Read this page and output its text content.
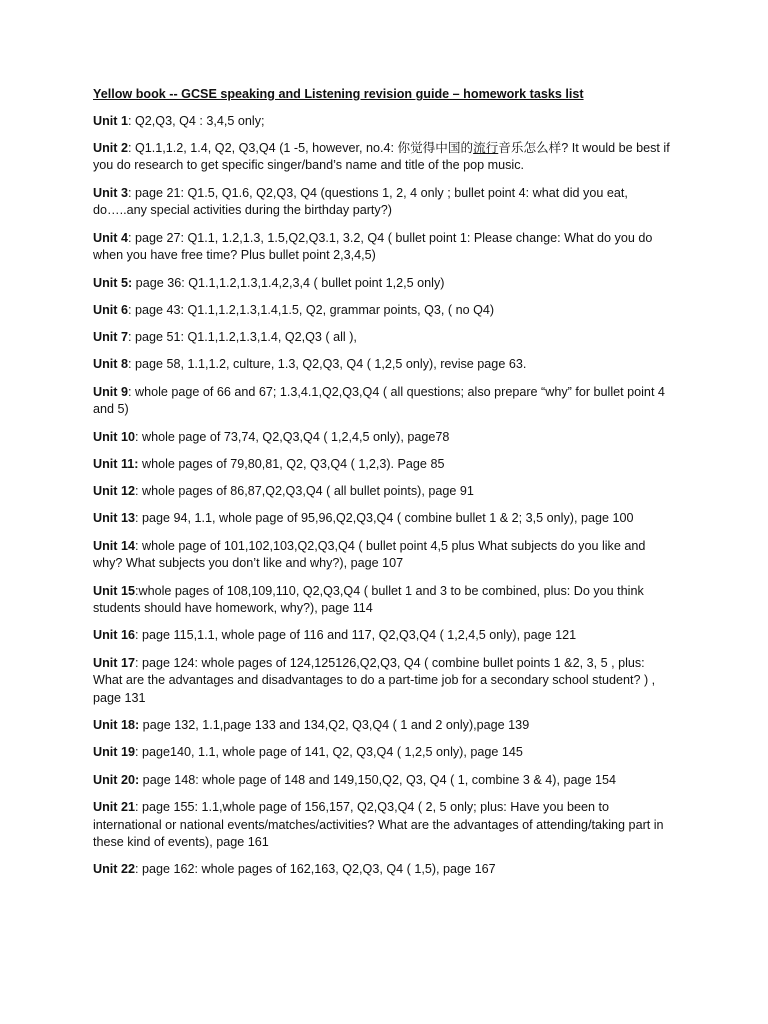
Yellow book -- GCSE speaking and Listening revision guide – homework tasks list

Unit 1: Q2,Q3, Q4 : 3,4,5 only;

Unit 2: Q1.1,1.2, 1.4, Q2, Q3,Q4 (1 -5, however, no.4: 你觉得中国的流行音乐怎么样? It would be best if you do research to get specific singer/band’s name and title of the pop music.

Unit 3: page 21: Q1.5, Q1.6, Q2,Q3, Q4 (questions 1, 2, 4 only ; bullet point 4: what did you eat, do…..any special activities during the birthday party?)

Unit 4: page 27: Q1.1, 1.2,1.3, 1.5,Q2,Q3.1, 3.2, Q4 ( bullet point 1: Please change: What do you do when you have free time? Plus bullet point 2,3,4,5)

Unit 5: page 36: Q1.1,1.2,1.3,1.4,2,3,4 ( bullet point 1,2,5 only)

Unit 6: page 43: Q1.1,1.2,1.3,1.4,1.5, Q2, grammar points, Q3, ( no Q4)

Unit 7: page 51: Q1.1,1.2,1.3,1.4, Q2,Q3 ( all ),

Unit 8: page 58, 1.1,1.2, culture, 1.3, Q2,Q3, Q4 ( 1,2,5 only), revise page 63.

Unit 9: whole page of 66 and 67; 1.3,4.1,Q2,Q3,Q4 ( all questions; also prepare “why” for bullet point 4 and 5)

Unit 10: whole page of 73,74, Q2,Q3,Q4 ( 1,2,4,5 only), page78

Unit 11: whole pages of 79,80,81, Q2, Q3,Q4 ( 1,2,3). Page 85

Unit 12: whole pages of 86,87,Q2,Q3,Q4 ( all bullet points), page 91

Unit 13: page 94, 1.1, whole page of 95,96,Q2,Q3,Q4 ( combine bullet 1 & 2; 3,5 only), page 100

Unit 14: whole page of 101,102,103,Q2,Q3,Q4 ( bullet point 4,5 plus What subjects do you like and why? What subjects you don’t like and why?), page 107

Unit 15:whole pages of 108,109,110, Q2,Q3,Q4 ( bullet 1 and 3 to be combined, plus: Do you think students should have homework, why?), page 114

Unit 16: page 115,1.1, whole page of 116 and 117, Q2,Q3,Q4 ( 1,2,4,5 only), page 121

Unit 17: page 124: whole pages of 124,125126,Q2,Q3, Q4 ( combine bullet points 1 &2, 3, 5 , plus: What are the advantages and disadvantages to do a part-time job for a secondary school student? ) , page 131

Unit 18: page 132, 1.1,page 133 and 134,Q2, Q3,Q4 ( 1 and 2 only),page 139

Unit 19: page140, 1.1, whole page of 141, Q2, Q3,Q4 ( 1,2,5 only), page 145

Unit 20: page 148: whole page of 148 and 149,150,Q2, Q3, Q4 ( 1, combine 3 & 4), page 154

Unit 21: page 155: 1.1,whole page of 156,157, Q2,Q3,Q4 ( 2, 5 only; plus: Have you been to international or national events/matches/activities? What are the advantages of attending/taking part in these kind of events), page 161

Unit 22: page 162: whole pages of 162,163, Q2,Q3, Q4 ( 1,5), page 167
